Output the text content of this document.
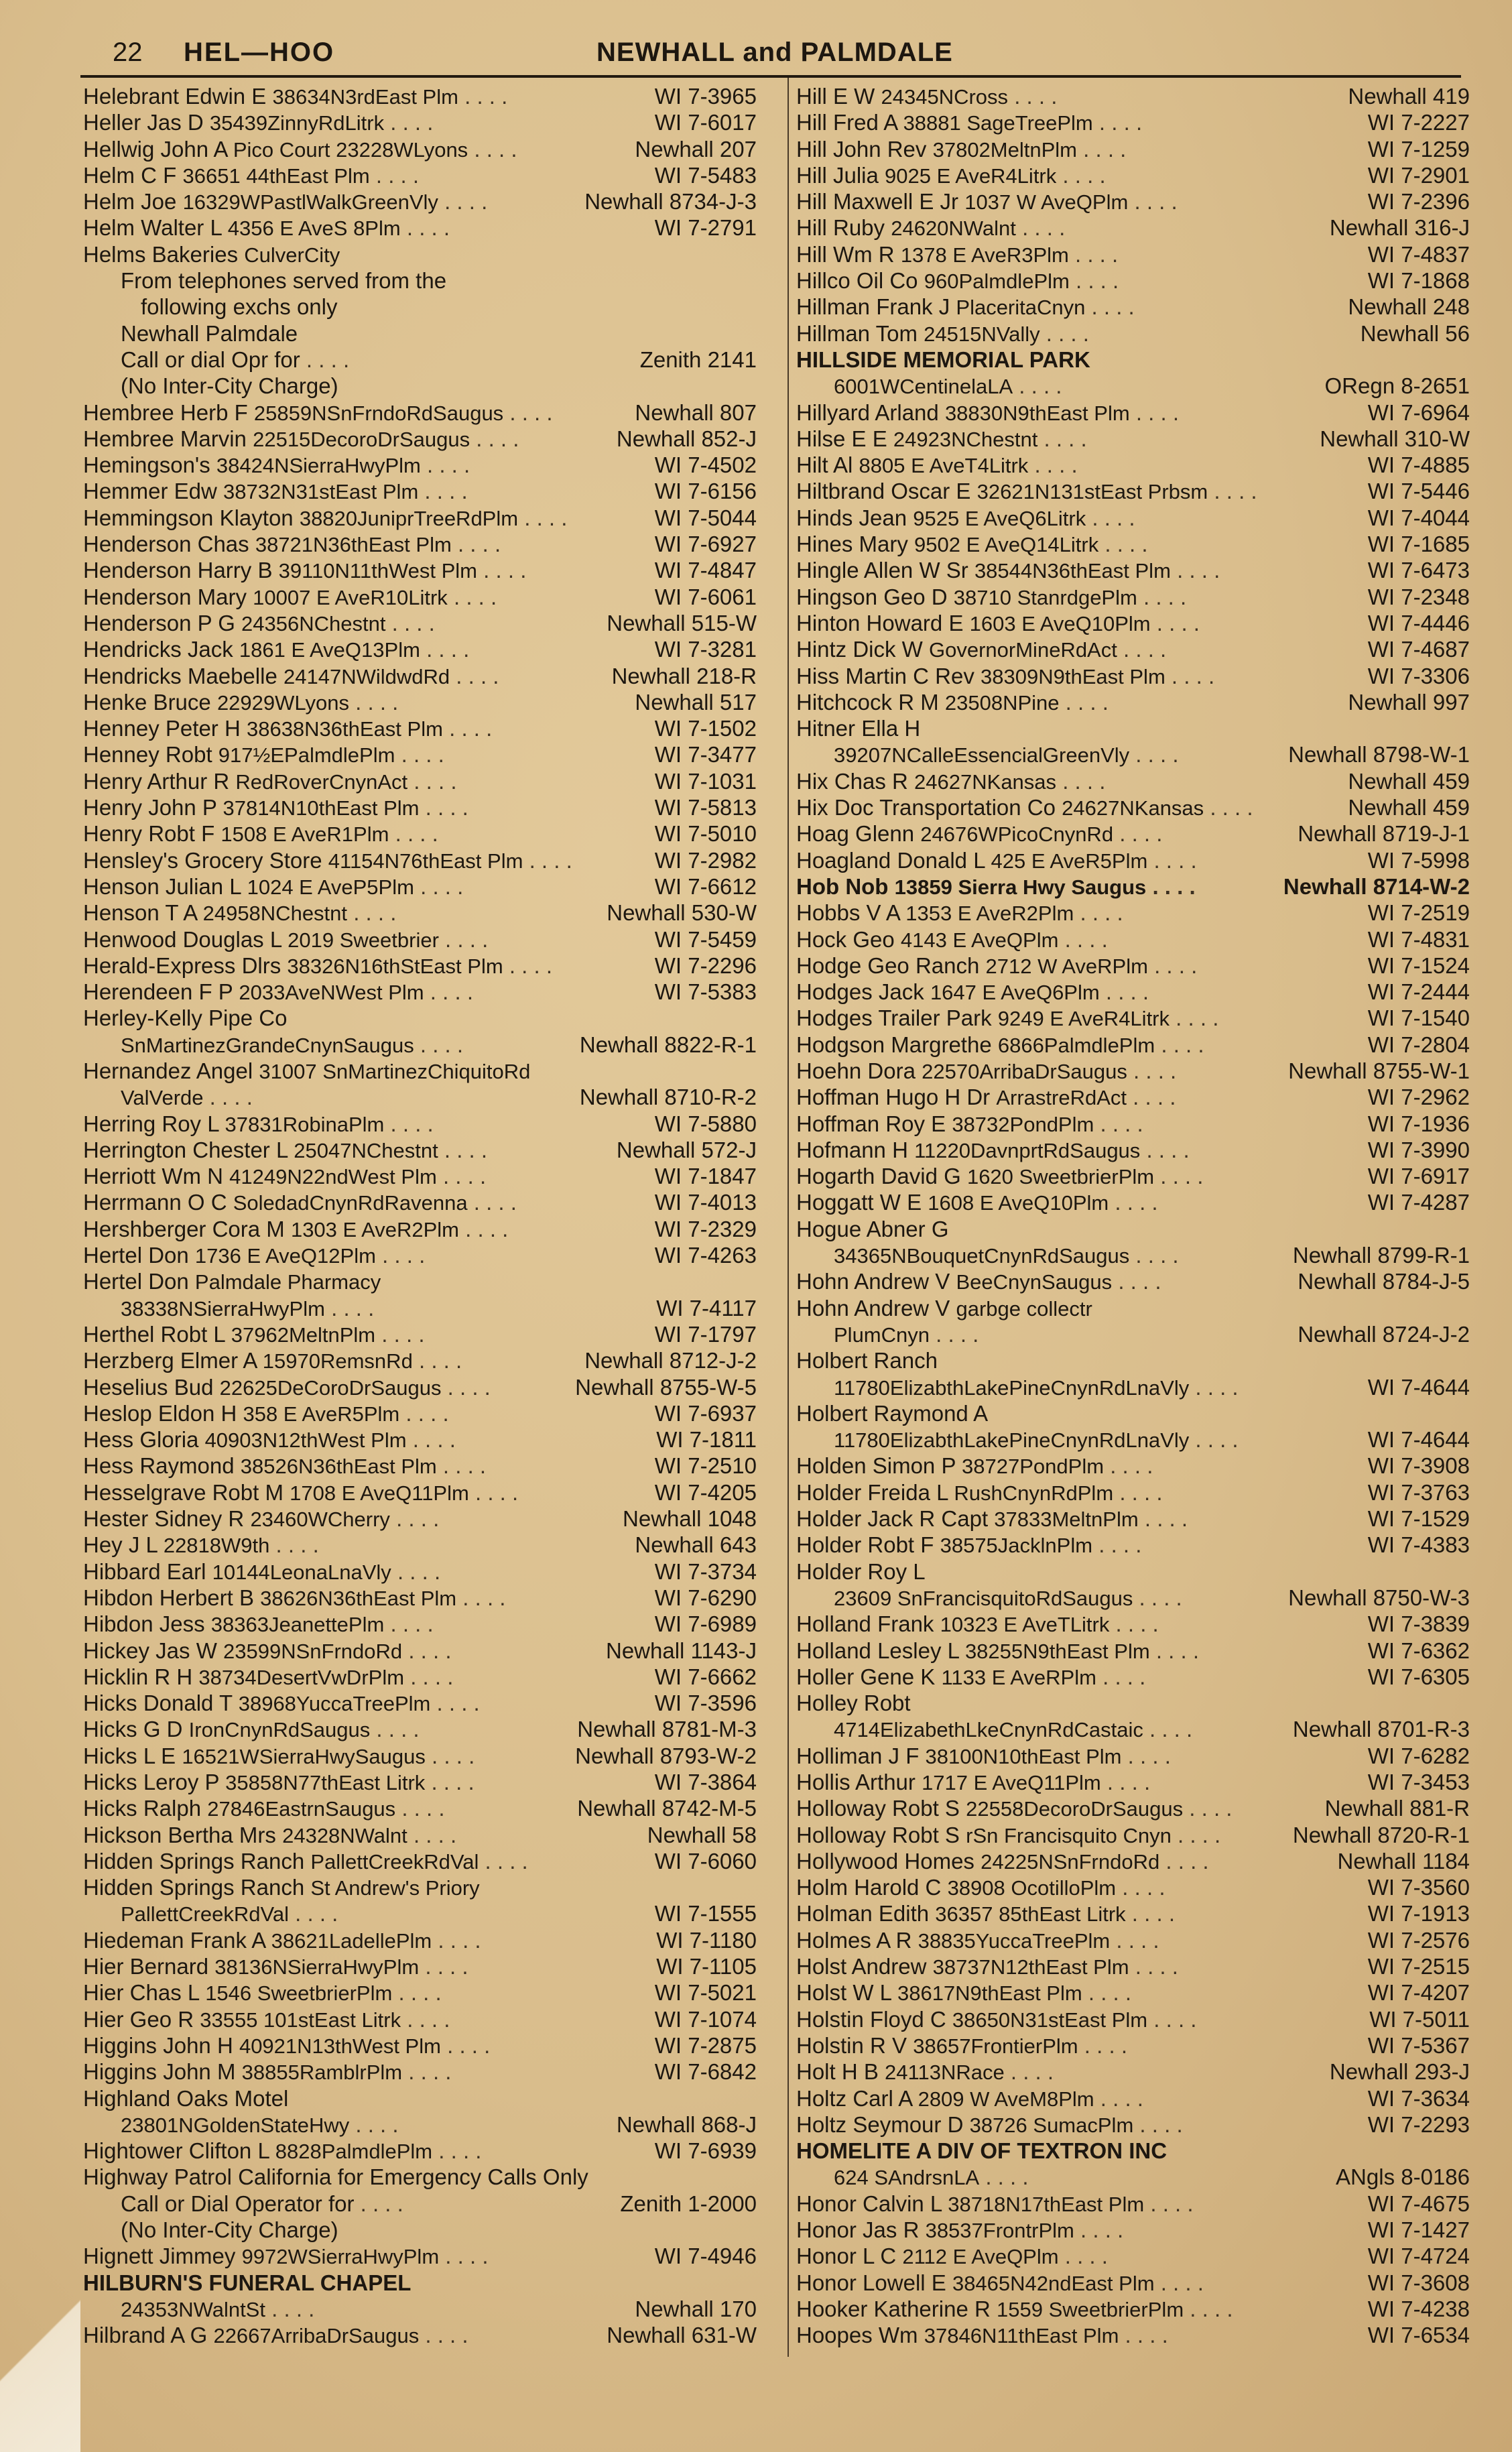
22 HEL—HOO	NEWHALL and PALMDALE
Helebrant Edwin E 38634N3rdEast Plm . . . .	WI 7-3965
Heller Jas D 35439ZinnyRdLitrk . . . .	WI 7-6017
Hellwig John A Pico Court 23228WLyons . . . .	Newhall 207
Helm C F 36651 44thEast Plm . . . .	WI 7-5483
Helm Joe 16329WPastlWalkGreenVly . . . .	Newhall 8734-J-3
Helm Walter L 4356 E AveS 8Plm . . . .	WI 7-2791
Helms Bakeries CulverCity
From telephones served from the
following exchs only
Newhall Palmdale
Call or dial Opr for . . . .	Zenith 2141
(No Inter-City Charge)
Hembree Herb F 25859NSnFrndoRdSaugus . . . .	Newhall 807
Hembree Marvin 22515DecoroDrSaugus . . . .	Newhall 852-J
Hemingson's 38424NSierraHwyPlm . . . .	WI 7-4502
Hemmer Edw 38732N31stEast Plm . . . .	WI 7-6156
Hemmingson Klayton 38820JuniprTreeRdPlm . . . .	WI 7-5044
Henderson Chas 38721N36thEast Plm . . . .	WI 7-6927
Henderson Harry B 39110N11thWest Plm . . . .	WI 7-4847
Henderson Mary 10007 E AveR10Litrk . . . .	WI 7-6061
Henderson P G 24356NChestnt . . . .	Newhall 515-W
Hendricks Jack 1861 E AveQ13Plm . . . .	WI 7-3281
Hendricks Maebelle 24147NWildwdRd . . . .	Newhall 218-R
Henke Bruce 22929WLyons . . . .	Newhall 517
Henney Peter H 38638N36thEast Plm . . . .	WI 7-1502
Henney Robt 917½EPalmdlePlm . . . .	WI 7-3477
Henry Arthur R RedRoverCnynAct . . . .	WI 7-1031
Henry John P 37814N10thEast Plm . . . .	WI 7-5813
Henry Robt F 1508 E AveR1Plm . . . .	WI 7-5010
Hensley's Grocery Store 41154N76thEast Plm . . . .	WI 7-2982
Henson Julian L 1024 E AveP5Plm . . . .	WI 7-6612
Henson T A 24958NChestnt . . . .	Newhall 530-W
Henwood Douglas L 2019 Sweetbrier . . . .	WI 7-5459
Herald-Express Dlrs 38326N16thStEast Plm . . . .	WI 7-2296
Herendeen F P 2033AveNWest Plm . . . .	WI 7-5383
Herley-Kelly Pipe Co
SnMartinezGrandeCnynSaugus . . . .	Newhall 8822-R-1
Hernandez Angel 31007 SnMartinezChiquitoRd
ValVerde . . . .	Newhall 8710-R-2
Herring Roy L 37831RobinaPlm . . . .	WI 7-5880
Herrington Chester L 25047NChestnt . . . .	Newhall 572-J
Herriott Wm N 41249N22ndWest Plm . . . .	WI 7-1847
Herrmann O C SoledadCnynRdRavenna . . . .	WI 7-4013
Hershberger Cora M 1303 E AveR2Plm . . . .	WI 7-2329
Hertel Don 1736 E AveQ12Plm . . . .	WI 7-4263
Hertel Don Palmdale Pharmacy
38338NSierraHwyPlm . . . .	WI 7-4117
Herthel Robt L 37962MeltnPlm . . . .	WI 7-1797
Herzberg Elmer A 15970RemsnRd . . . .	Newhall 8712-J-2
Heselius Bud 22625DeCoroDrSaugus . . . .	Newhall 8755-W-5
Heslop Eldon H 358 E AveR5Plm . . . .	WI 7-6937
Hess Gloria 40903N12thWest Plm . . . .	WI 7-1811
Hess Raymond 38526N36thEast Plm . . . .	WI 7-2510
Hesselgrave Robt M 1708 E AveQ11Plm . . . .	WI 7-4205
Hester Sidney R 23460WCherry . . . .	Newhall 1048
Hey J L 22818W9th . . . .	Newhall 643
Hibbard Earl 10144LeonaLnaVly . . . .	WI 7-3734
Hibdon Herbert B 38626N36thEast Plm . . . .	WI 7-6290
Hibdon Jess 38363JeanettePlm . . . .	WI 7-6989
Hickey Jas W 23599NSnFrndoRd . . . .	Newhall 1143-J
Hicklin R H 38734DesertVwDrPlm . . . .	WI 7-6662
Hicks Donald T 38968YuccaTreePlm . . . .	WI 7-3596
Hicks G D IronCnynRdSaugus . . . .	Newhall 8781-M-3
Hicks L E 16521WSierraHwySaugus . . . .	Newhall 8793-W-2
Hicks Leroy P 35858N77thEast Litrk . . . .	WI 7-3864
Hicks Ralph 27846EastrnSaugus . . . .	Newhall 8742-M-5
Hickson Bertha Mrs 24328NWalnt . . . .	Newhall 58
Hidden Springs Ranch PallettCreekRdVal . . . .	WI 7-6060
Hidden Springs Ranch St Andrew's Priory
PallettCreekRdVal . . . .	WI 7-1555
Hiedeman Frank A 38621LadellePlm . . . .	WI 7-1180
Hier Bernard 38136NSierraHwyPlm . . . .	WI 7-1105
Hier Chas L 1546 SweetbrierPlm . . . .	WI 7-5021
Hier Geo R 33555 101stEast Litrk . . . .	WI 7-1074
Higgins John H 40921N13thWest Plm . . . .	WI 7-2875
Higgins John M 38855RamblrPlm . . . .	WI 7-6842
Highland Oaks Motel
23801NGoldenStateHwy . . . .	Newhall 868-J
Hightower Clifton L 8828PalmdlePlm . . . .	WI 7-6939
Highway Patrol California for Emergency Calls Only
Call or Dial Operator for . . . .	Zenith 1-2000
(No Inter-City Charge)
Hignett Jimmey 9972WSierraHwyPlm . . . .	WI 7-4946
HILBURN'S FUNERAL CHAPEL
24353NWalntSt . . . .	Newhall 170
Hilbrand A G 22667ArribaDrSaugus . . . .	Newhall 631-W
Hill E W 24345NCross . . . .	Newhall 419
Hill Fred A 38881 SageTreePlm . . . .	WI 7-2227
Hill John Rev 37802MeltnPlm . . . .	WI 7-1259
Hill Julia 9025 E AveR4Litrk . . . .	WI 7-2901
Hill Maxwell E Jr 1037 W AveQPlm . . . .	WI 7-2396
Hill Ruby 24620NWalnt . . . .	Newhall 316-J
Hill Wm R 1378 E AveR3Plm . . . .	WI 7-4837
Hillco Oil Co 960PalmdlePlm . . . .	WI 7-1868
Hillman Frank J PlaceritaCnyn . . . .	Newhall 248
Hillman Tom 24515NVally . . . .	Newhall 56
HILLSIDE MEMORIAL PARK
6001WCentinelaLA . . . .	ORegn 8-2651
Hillyard Arland 38830N9thEast Plm . . . .	WI 7-6964
Hilse E E 24923NChestnt . . . .	Newhall 310-W
Hilt Al 8805 E AveT4Litrk . . . .	WI 7-4885
Hiltbrand Oscar E 32621N131stEast Prbsm . . . .	WI 7-5446
Hinds Jean 9525 E AveQ6Litrk . . . .	WI 7-4044
Hines Mary 9502 E AveQ14Litrk . . . .	WI 7-1685
Hingle Allen W Sr 38544N36thEast Plm . . . .	WI 7-6473
Hingson Geo D 38710 StanrdgePlm . . . .	WI 7-2348
Hinton Howard E 1603 E AveQ10Plm . . . .	WI 7-4446
Hintz Dick W GovernorMineRdAct . . . .	WI 7-4687
Hiss Martin C Rev 38309N9thEast Plm . . . .	WI 7-3306
Hitchcock R M 23508NPine . . . .	Newhall 997
Hitner Ella H
39207NCalleEssencialGreenVly . . . .	Newhall 8798-W-1
Hix Chas R 24627NKansas . . . .	Newhall 459
Hix Doc Transportation Co 24627NKansas . . . .	Newhall 459
Hoag Glenn 24676WPicoCnynRd . . . .	Newhall 8719-J-1
Hoagland Donald L 425 E AveR5Plm . . . .	WI 7-5998
Hob Nob 13859 Sierra Hwy Saugus . . . .	Newhall 8714-W-2
Hobbs V A 1353 E AveR2Plm . . . .	WI 7-2519
Hock Geo 4143 E AveQPlm . . . .	WI 7-4831
Hodge Geo Ranch 2712 W AveRPlm . . . .	WI 7-1524
Hodges Jack 1647 E AveQ6Plm . . . .	WI 7-2444
Hodges Trailer Park 9249 E AveR4Litrk . . . .	WI 7-1540
Hodgson Margrethe 6866PalmdlePlm . . . .	WI 7-2804
Hoehn Dora 22570ArribaDrSaugus . . . .	Newhall 8755-W-1
Hoffman Hugo H Dr ArrastreRdAct . . . .	WI 7-2962
Hoffman Roy E 38732PondPlm . . . .	WI 7-1936
Hofmann H 11220DavnprtRdSaugus . . . .	WI 7-3990
Hogarth David G 1620 SweetbrierPlm . . . .	WI 7-6917
Hoggatt W E 1608 E AveQ10Plm . . . .	WI 7-4287
Hogue Abner G
34365NBouquetCnynRdSaugus . . . .	Newhall 8799-R-1
Hohn Andrew V BeeCnynSaugus . . . .	Newhall 8784-J-5
Hohn Andrew V garbge collectr
PlumCnyn . . . .	Newhall 8724-J-2
Holbert Ranch
11780ElizabthLakePineCnynRdLnaVly . . . .	WI 7-4644
Holbert Raymond A
11780ElizabthLakePineCnynRdLnaVly . . . .	WI 7-4644
Holden Simon P 38727PondPlm . . . .	WI 7-3908
Holder Freida L RushCnynRdPlm . . . .	WI 7-3763
Holder Jack R Capt 37833MeltnPlm . . . .	WI 7-1529
Holder Robt F 38575JacklnPlm . . . .	WI 7-4383
Holder Roy L
23609 SnFrancisquitoRdSaugus . . . .	Newhall 8750-W-3
Holland Frank 10323 E AveTLitrk . . . .	WI 7-3839
Holland Lesley L 38255N9thEast Plm . . . .	WI 7-6362
Holler Gene K 1133 E AveRPlm . . . .	WI 7-6305
Holley Robt
4714ElizabethLkeCnynRdCastaic . . . .	Newhall 8701-R-3
Holliman J F 38100N10thEast Plm . . . .	WI 7-6282
Hollis Arthur 1717 E AveQ11Plm . . . .	WI 7-3453
Holloway Robt S 22558DecoroDrSaugus . . . .	Newhall 881-R
Holloway Robt S rSn Francisquito Cnyn . . . .	Newhall 8720-R-1
Hollywood Homes 24225NSnFrndoRd . . . .	Newhall 1184
Holm Harold C 38908 OcotilloPlm . . . .	WI 7-3560
Holman Edith 36357 85thEast Litrk . . . .	WI 7-1913
Holmes A R 38835YuccaTreePlm . . . .	WI 7-2576
Holst Andrew 38737N12thEast Plm . . . .	WI 7-2515
Holst W L 38617N9thEast Plm . . . .	WI 7-4207
Holstin Floyd C 38650N31stEast Plm . . . .	WI 7-5011
Holstin R V 38657FrontierPlm . . . .	WI 7-5367
Holt H B 24113NRace . . . .	Newhall 293-J
Holtz Carl A 2809 W AveM8Plm . . . .	WI 7-3634
Holtz Seymour D 38726 SumacPlm . . . .	WI 7-2293
HOMELITE A DIV OF TEXTRON INC
624 SAndrsnLA . . . .	ANgls 8-0186
Honor Calvin L 38718N17thEast Plm . . . .	WI 7-4675
Honor Jas R 38537FrontrPlm . . . .	WI 7-1427
Honor L C 2112 E AveQPlm . . . .	WI 7-4724
Honor Lowell E 38465N42ndEast Plm . . . .	WI 7-3608
Hooker Katherine R 1559 SweetbrierPlm . . . .	WI 7-4238
Hoopes Wm 37846N11thEast Plm . . . .	WI 7-6534
